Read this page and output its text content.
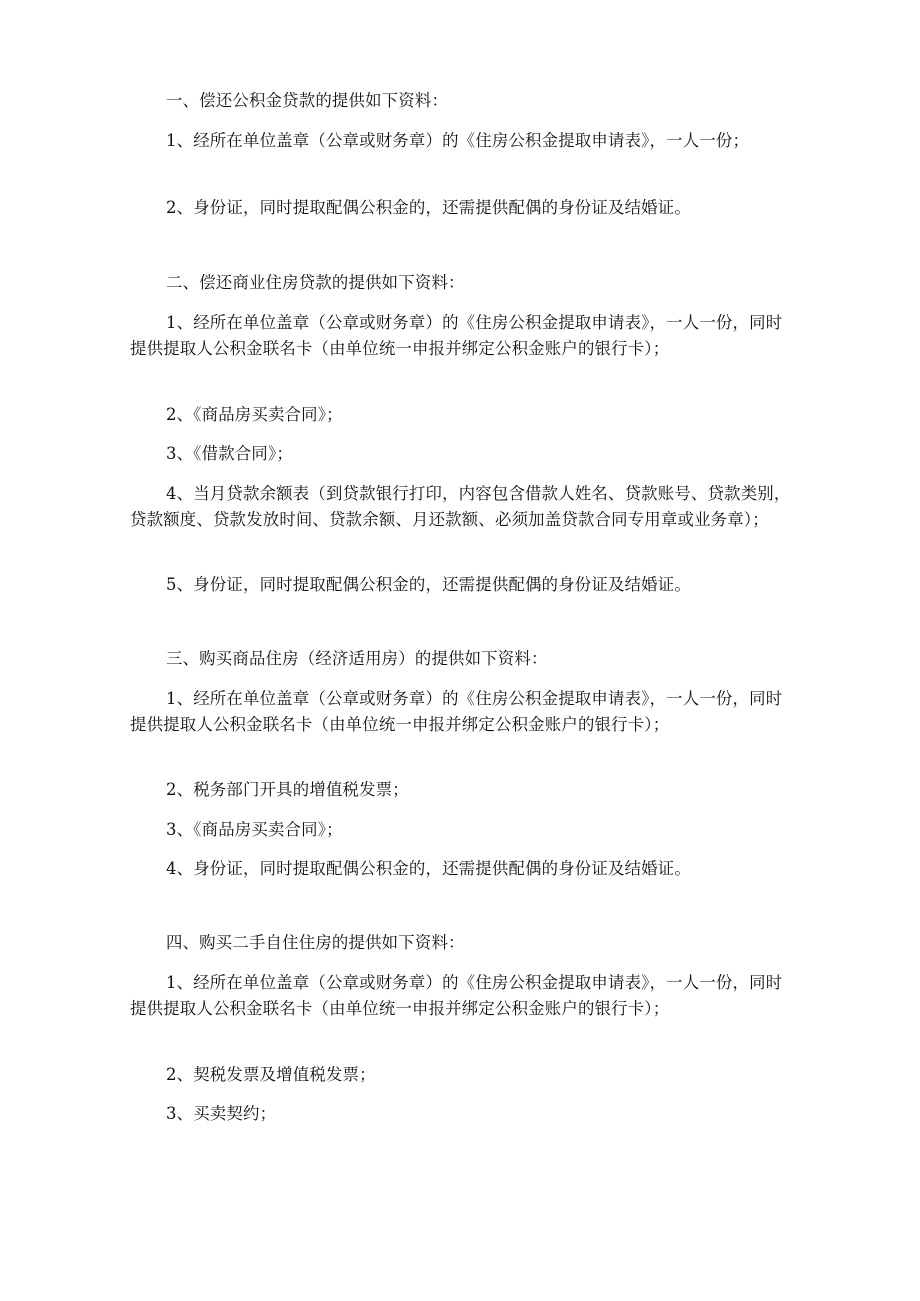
一、偿还公积金贷款的提供如下资料：

1、经所在单位盖章（公章或财务章）的《住房公积金提取申请表》，一人一份；

2、身份证，同时提取配偶公积金的，还需提供配偶的身份证及结婚证。

二、偿还商业住房贷款的提供如下资料：

1、经所在单位盖章（公章或财务章）的《住房公积金提取申请表》，一人一份，同时提供提取人公积金联名卡（由单位统一申报并绑定公积金账户的银行卡）；

2、《商品房买卖合同》；

3、《借款合同》；

4、当月贷款余额表（到贷款银行打印，内容包含借款人姓名、贷款账号、贷款类别，贷款额度、贷款发放时间、贷款余额、月还款额、必须加盖贷款合同专用章或业务章）；

5、身份证，同时提取配偶公积金的，还需提供配偶的身份证及结婚证。

三、购买商品住房（经济适用房）的提供如下资料：

1、经所在单位盖章（公章或财务章）的《住房公积金提取申请表》，一人一份，同时提供提取人公积金联名卡（由单位统一申报并绑定公积金账户的银行卡）；

2、税务部门开具的增值税发票；

3、《商品房买卖合同》；

4、身份证，同时提取配偶公积金的，还需提供配偶的身份证及结婚证。

四、购买二手自住住房的提供如下资料：

1、经所在单位盖章（公章或财务章）的《住房公积金提取申请表》，一人一份，同时提供提取人公积金联名卡（由单位统一申报并绑定公积金账户的银行卡）；

2、契税发票及增值税发票；

3、买卖契约；
